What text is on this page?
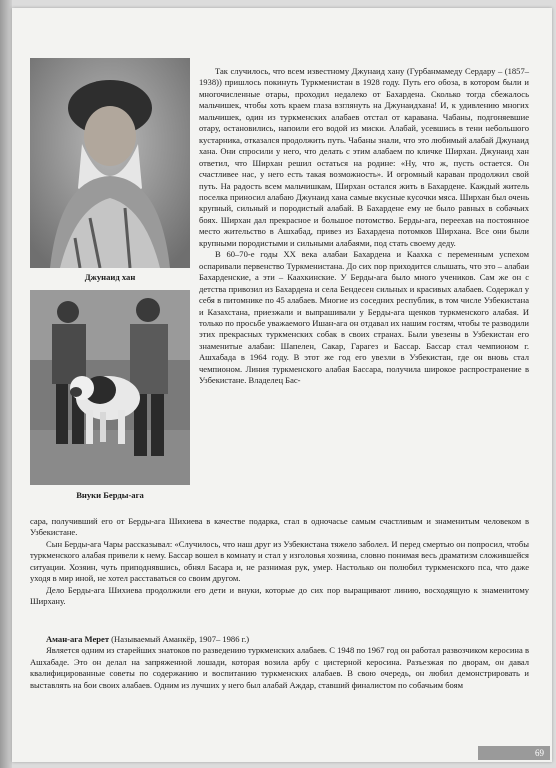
Джунаид хан
Внуки Берды-ага

Так случилось, что всем известному Джунаид хану (Гурбанмамеду Сердару – (1857–1938)) пришлось покинуть Туркменистан в 1928 году. Путь его обоза, в котором были и многочисленные отары, проходил недалеко от Бахардена. Сколько тогда сбежалось мальчишек, чтобы хоть краем глаза взглянуть на Джунаидхана! И, к удивлению многих мальчишек, один из туркменских алабаев отстал от каравана. Чабаны, подгоняевшие отару, остановились, напоили его водой из миски. Алабай, усевшись в тени небольшого кустарника, отказался продолжить путь. Чабаны знали, что это любимый алабай Джунаид хана. Они спросили у него, что делать с этим алабаем по кличке Ширхан. Джунаид хан ответил, что Ширхан решил остаться на родине: «Ну, что ж, пусть остается. Он счастливее нас, у него есть такая возможность». И огромный караван продолжил свой путь. На радость всем мальчишкам, Ширхан остался жить в Бахардене. Каждый житель поселка приносил алабаю Джунаид хана самые вкусные кусочки мяса. Ширхан был очень крупный, сильный и породистый алабай. В Бахардене ему не было равных в собачьих боях. Ширхан дал прекрасное и большое потомство. Берды-ага, переехав на постоянное место жительство в Ашхабад, привез из Бахардена потомков Ширхана. Все они были крупными породистыми и сильными алабаями, под стать своему деду.

В 60–70-е годы XX века алабаи Бахардена и Каахка с переменным успехом оспаривали первенство Туркменистана. До сих пор приходится слышать, что это – алабаи Бахарденские, а эти – Каахкинские. У Берды-ага было много учеников. Сам же он с детства привозил из Бахардена и села Бендесен сильных и красивых алабаев. Содержал у себя в питомнике по 45 алабаев. Многие из соседних республик, в том числе Узбекистана и Казахстана, приезжали и выпрашивали у Берды-ага щенков туркменского алабая. И только по просьбе уважаемого Ишан-ага он отдавал их нашим гостям, чтобы те разводили этих прекрасных туркменских собак в своих странах. Были увезены в Узбекистан его знаменитые алабаи: Шапелен, Сакар, Гарагез и Бассар. Бассар стал чемпионом г. Ашхабада в 1964 году. В этот же год его увезли в Узбекистан, где он вновь стал чемпионом. Линия туркменского алабая Бассара, получила широкое распространение в Узбекистане. Владелец Бас-

сара, получивший его от Берды-ага Шихиева в качестве подарка, стал в одночасье самым счастливым и знаменитым человеком в Узбекистане.

Сын Берды-ага Чары рассказывал: «Случилось, что наш друг из Узбекистана тяжело заболел. И перед смертью он попросил, чтобы туркменского алабая привели к нему. Бассар вошел в комнату и стал у изголовья хозяина, словно понимая весь драматизм сложившейся ситуации. Хозяин, чуть приподнявшись, обнял Басара и, не разнимая рук, умер. Настолько он полюбил туркменского пса, что даже уходя в мир иной, не хотел расставаться со своим другом.

Дело Берды-ага Шихиева продолжили его дети и внуки, которые до сих пор выращивают линию, восходящую к знаменитому Ширхану.

Аман-ага Мерет (Называемый Аманкёр, 1907– 1986 г.)

Является одним из старейших знатоков по разведению туркменских алабаев. С 1948 по 1967 год он работал развозчиком керосина в Ашхабаде. Это он делал на запряженной лошади, которая возила арбу с цистерной керосина. Разъезжая по дворам, он давал квалифицированные советы по содержанию и воспитанию туркменских алабаев. В свою очередь, он любил демонстрировать и выставлять на бои своих алабаев. Одним из лучших у него был алабай Аждар, ставший финалистом по собачьим боям

69
